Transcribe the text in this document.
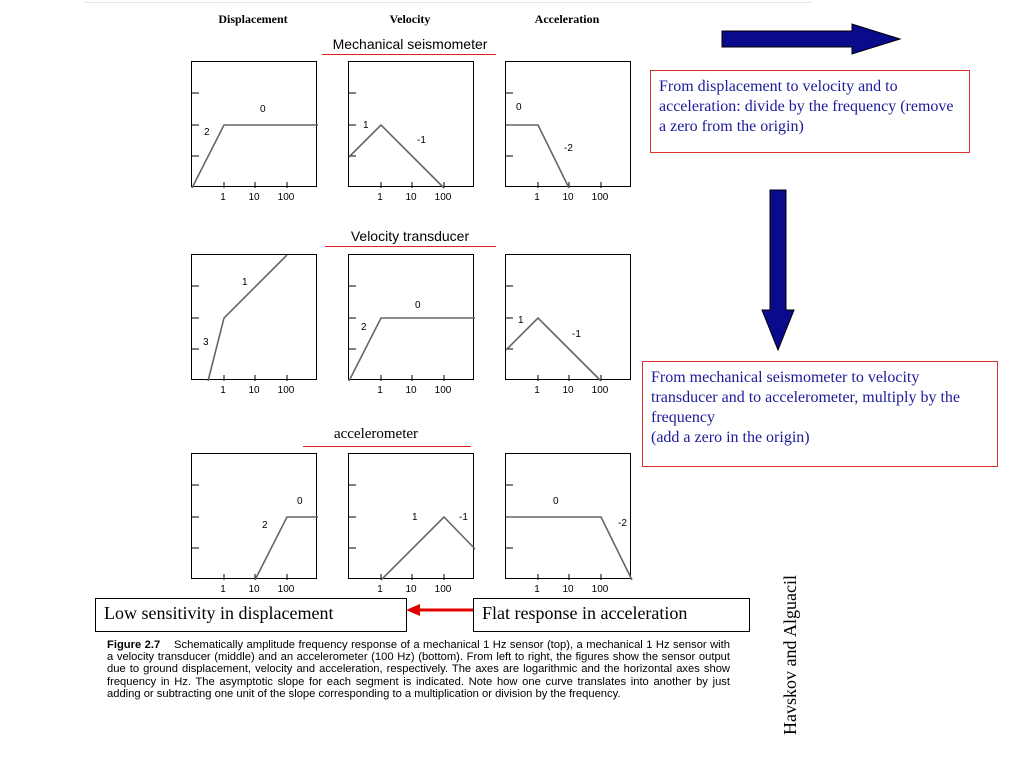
Displacement	Velocity	Acceleration
Mechanical seismometer
Velocity transducer
accelerometer
2
0
1 10 100
1
-1
1 10 100
0
-2
1 10 100
3
1
1 10 100
2
0
1 10 100
1
-1
1 10 100
2
0
1 10 100
1	-1
1 10 100
0
-2
1 10 100
From displacement to velocity and to acceleration: divide by the frequency (remove a zero from the origin)
From mechanical seismometer to velocity transducer and to accelerometer, multiply by the frequency
(add a zero in the origin)
Havskov and Alguacil
Low sensitivity in displacement	Flat response in acceleration
Figure 2.7 Schematically amplitude frequency response of a mechanical 1 Hz sensor (top), a mechanical 1 Hz sensor with a velocity transducer (middle) and an accelerometer (100 Hz) (bottom). From left to right, the figures show the sensor output due to ground displacement, velocity and acceleration, respectively. The axes are logarithmic and the horizontal axes show frequency in Hz. The asymptotic slope for each segment is indicated. Note how one curve translates into another by just adding or subtracting one unit of the slope corresponding to a multiplication or division by the frequency.
